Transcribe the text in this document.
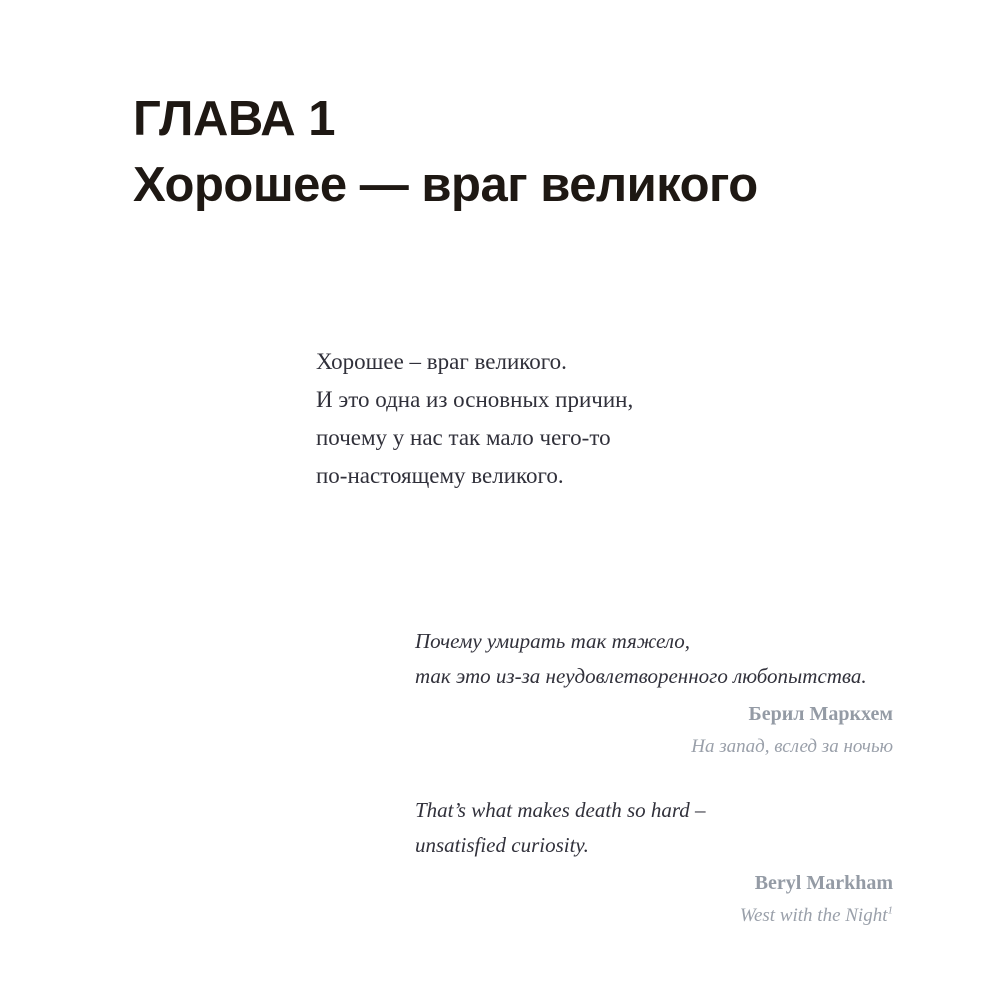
ГЛАВА 1
Хорошее — враг великого
Хорошее – враг великого.
И это одна из основных причин,
почему у нас так мало чего-то
по-настоящему великого.
Почему умирать так тяжело,
так это из-за неудовлетворенного любопытства.
Берил Маркхем
На запад, вслед за ночью
That’s what makes death so hard –
unsatisfied curiosity.
Beryl Markham
West with the Night$^1$
